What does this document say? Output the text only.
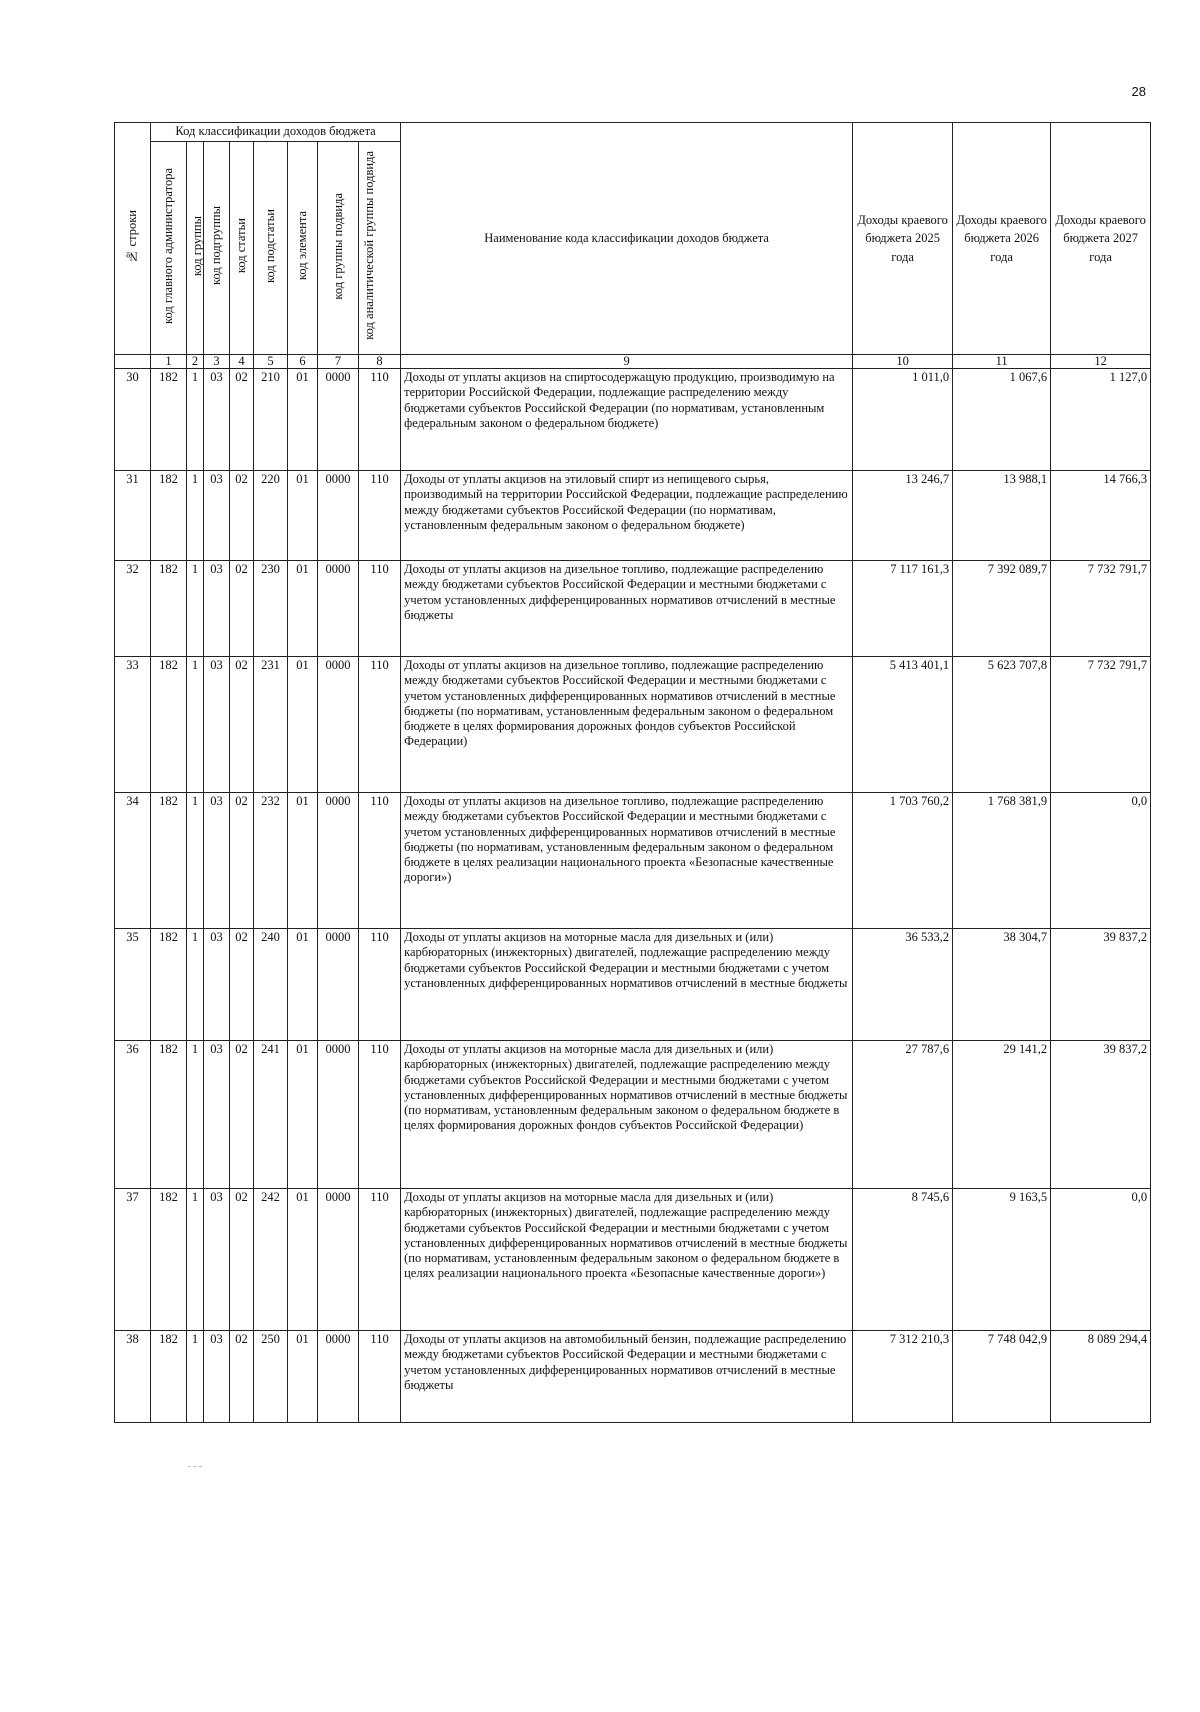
28
№ строки	Код классификации доходов бюджета								Наименование кода классификации доходов бюджета	Доходы краевого бюджета 2025 года	Доходы краевого бюджета 2026 года	Доходы краевого бюджета 2027 года
	код главного администратора	код группы	код подгруппы	код статьи	код подстатьи	код элемента	код группы подвида	код аналитической группы подвида				
	1	2	3	4	5	6	7	8	9	10	11	12
30	182	1	03	02	210	01	0000	110	Доходы от уплаты акцизов на спиртосодержащую продукцию, производимую на территории Российской Федерации, подлежащие распределению между бюджетами субъектов Российской Федерации (по нормативам, установленным федеральным законом о федеральном бюджете)	1 011,0	1 067,6	1 127,0
31	182	1	03	02	220	01	0000	110	Доходы от уплаты акцизов на этиловый спирт из непищевого сырья, производимый на территории Российской Федерации, подлежащие распределению между бюджетами субъектов Российской Федерации (по нормативам, установленным федеральным законом о федеральном бюджете)	13 246,7	13 988,1	14 766,3
32	182	1	03	02	230	01	0000	110	Доходы от уплаты акцизов на дизельное топливо, подлежащие распределению между бюджетами субъектов Российской Федерации и местными бюджетами с учетом установленных дифференцированных нормативов отчислений в местные бюджеты	7 117 161,3	7 392 089,7	7 732 791,7
33	182	1	03	02	231	01	0000	110	Доходы от уплаты акцизов на дизельное топливо, подлежащие распределению между бюджетами субъектов Российской Федерации и местными бюджетами с учетом установленных дифференцированных нормативов отчислений в местные бюджеты (по нормативам, установленным федеральным законом о федеральном бюджете в целях формирования дорожных фондов субъектов Российской Федерации)	5 413 401,1	5 623 707,8	7 732 791,7
34	182	1	03	02	232	01	0000	110	Доходы от уплаты акцизов на дизельное топливо, подлежащие распределению между бюджетами субъектов Российской Федерации и местными бюджетами с учетом установленных дифференцированных нормативов отчислений в местные бюджеты (по нормативам, установленным федеральным законом о федеральном бюджете в целях реализации национального проекта «Безопасные качественные дороги»)	1 703 760,2	1 768 381,9	0,0
35	182	1	03	02	240	01	0000	110	Доходы от уплаты акцизов на моторные масла для дизельных и (или) карбюраторных (инжекторных) двигателей, подлежащие распределению между бюджетами субъектов Российской Федерации и местными бюджетами с учетом установленных дифференцированных нормативов отчислений в местные бюджеты	36 533,2	38 304,7	39 837,2
36	182	1	03	02	241	01	0000	110	Доходы от уплаты акцизов на моторные масла для дизельных и (или) карбюраторных (инжекторных) двигателей, подлежащие распределению между бюджетами субъектов Российской Федерации и местными бюджетами с учетом установленных дифференцированных нормативов отчислений в местные бюджеты (по нормативам, установленным федеральным законом о федеральном бюджете в целях формирования дорожных фондов субъектов Российской Федерации)	27 787,6	29 141,2	39 837,2
37	182	1	03	02	242	01	0000	110	Доходы от уплаты акцизов на моторные масла для дизельных и (или) карбюраторных (инжекторных) двигателей, подлежащие распределению между бюджетами субъектов Российской Федерации и местными бюджетами с учетом установленных дифференцированных нормативов отчислений в местные бюджеты (по нормативам, установленным федеральным законом о федеральном бюджете в целях реализации национального проекта «Безопасные качественные дороги»)	8 745,6	9 163,5	0,0
38	182	1	03	02	250	01	0000	110	Доходы от уплаты акцизов на автомобильный бензин, подлежащие распределению между бюджетами субъектов Российской Федерации и местными бюджетами с учетом установленных дифференцированных нормативов отчислений в местные бюджеты	7 312 210,3	7 748 042,9	8 089 294,4
